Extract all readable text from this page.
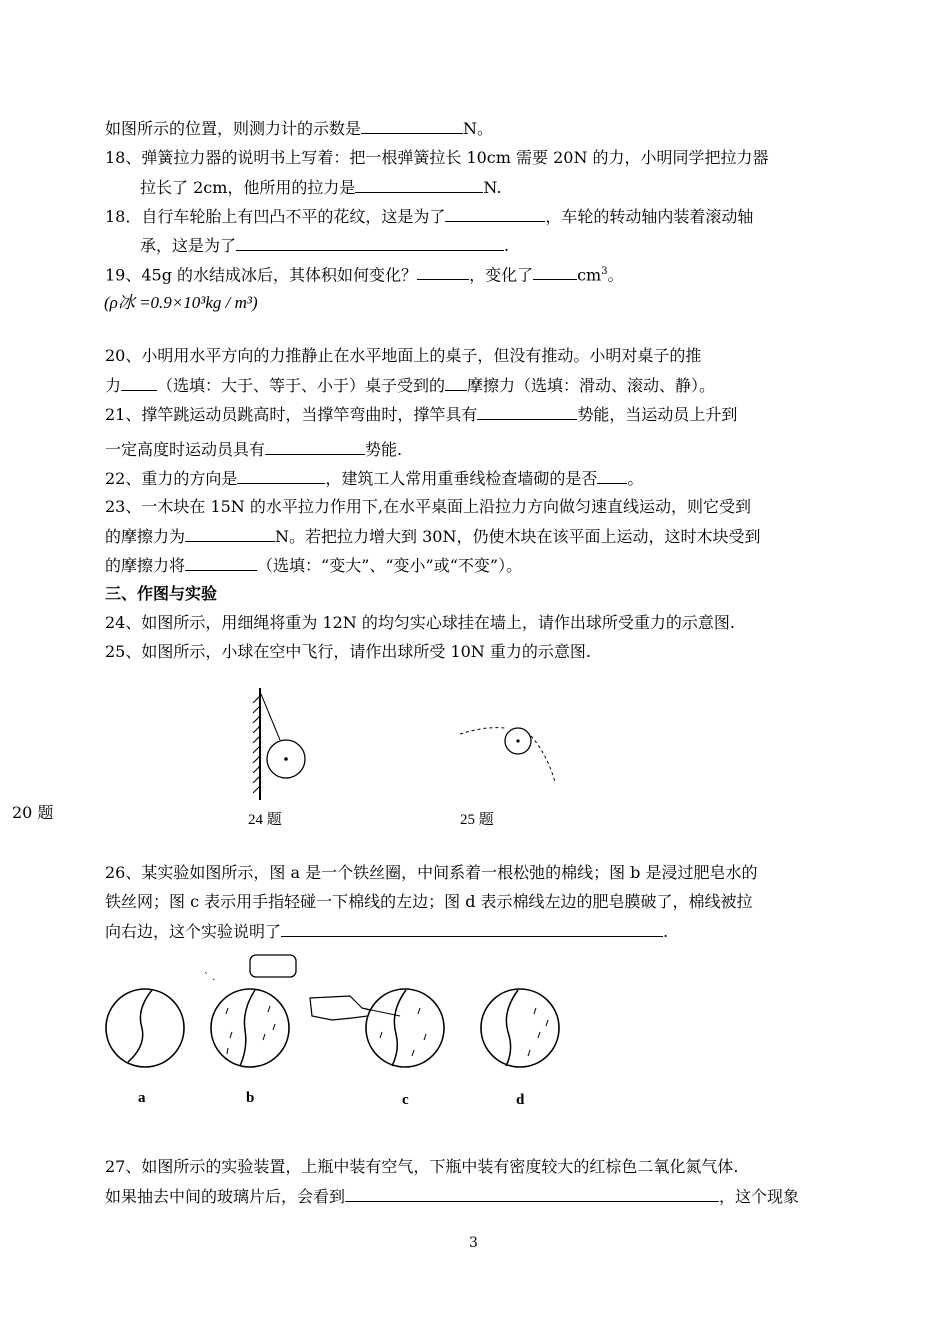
如图所示的位置，则测力计的示数是	N。
18、弹簧拉力器的说明书上写着：把一根弹簧拉长 10cm 需要 20N 的力，小明同学把拉力器
拉长了 2cm，他所用的拉力是	N.
18．自行车轮胎上有凹凸不平的花纹，这是为了	，车轮的转动轴内装着滚动轴
承，这是为了	.
19、45g 的水结成冰后，其体积如何变化？	，变化了	$cm^3$。
(ρ冰 =0.9×10³kg / m³)
20、小明用水平方向的力推静止在水平地面上的桌子，但没有推动。小明对桌子的推
力 （选填：大于、等于、小于）桌子受到的 摩擦力（选填：滑动、滚动、静）。
21、撑竿跳运动员跳高时，当撑竿弯曲时，撑竿具有	势能，当运动员上升到
一定高度时运动员具有	势能.
22、重力的方向是	，建筑工人常用重垂线检查墙砌的是否 。
23、一木块在 15N 的水平拉力作用下,在水平桌面上沿拉力方向做匀速直线运动，则它受到
的摩擦力为	N。若把拉力增大到 30N，仍使木块在该平面上运动，这时木块受到
的摩擦力将	（选填：“变大”、“变小”或“不变”）。
三、作图与实验
24、如图所示，用细绳将重为 12N 的均匀实心球挂在墙上，请作出球所受重力的示意图.
25、如图所示，小球在空中飞行，请作出球所受 10N 重力的示意图.
20 题	24 题	25 题
26、某实验如图所示，图 a 是一个铁丝圈，中间系着一根松弛的棉线；图 b 是浸过肥皂水的
铁丝网；图 c 表示用手指轻碰一下棉线的左边；图 d 表示棉线左边的肥皂膜破了，棉线被拉
向右边，这个实验说明了	.
` .
a	b	c	d
27、如图所示的实验装置，上瓶中装有空气，下瓶中装有密度较大的红棕色二氧化氮气体.
如果抽去中间的玻璃片后，会看到	，这个现象
3
